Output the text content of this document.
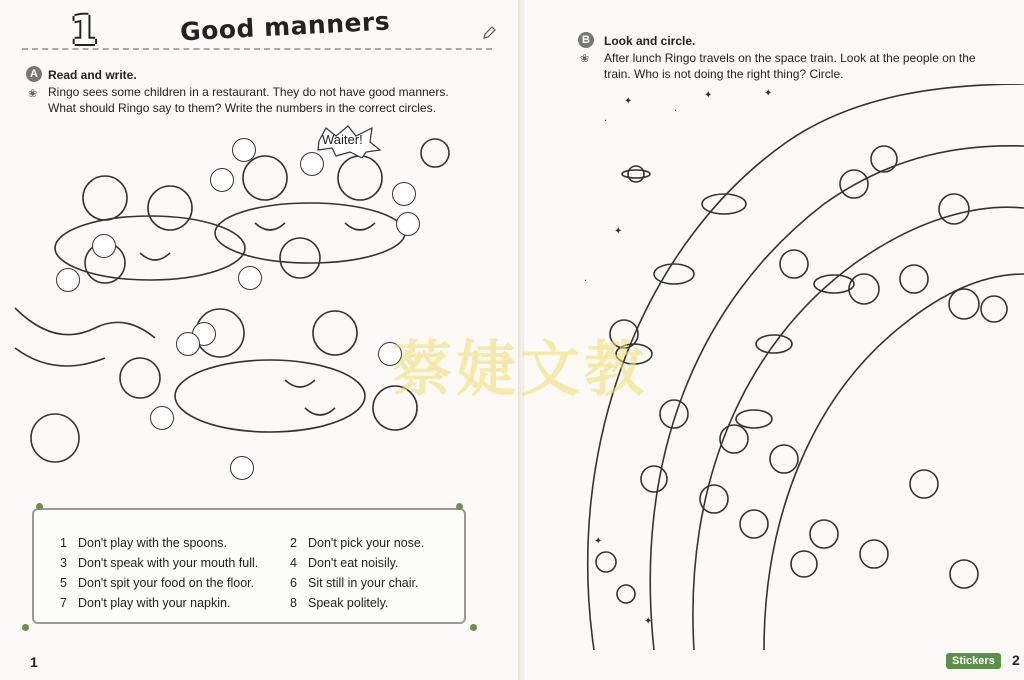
1	Good manners
A Read and write.
❀ Ringo sees some children in a restaurant. They do not have good manners.
What should Ringo say to them? Write the numbers in the correct circles.
Waiter!
1 Don't play with the spoons.	2 Don't pick your nose.
3 Don't speak with your mouth full.	4 Don't eat noisily.
5 Don't spit your food on the floor.	6 Sit still in your chair.
7 Don't play with your napkin.	8 Speak politely.
1
B	Look and circle.
❀ After lunch Ringo travels on the space train. Look at the people on the
train. Who is not doing the right thing? Circle.
✦
✦	✦
·
·
✦
·
✦
✦
Stickers	2
蔡婕文教
